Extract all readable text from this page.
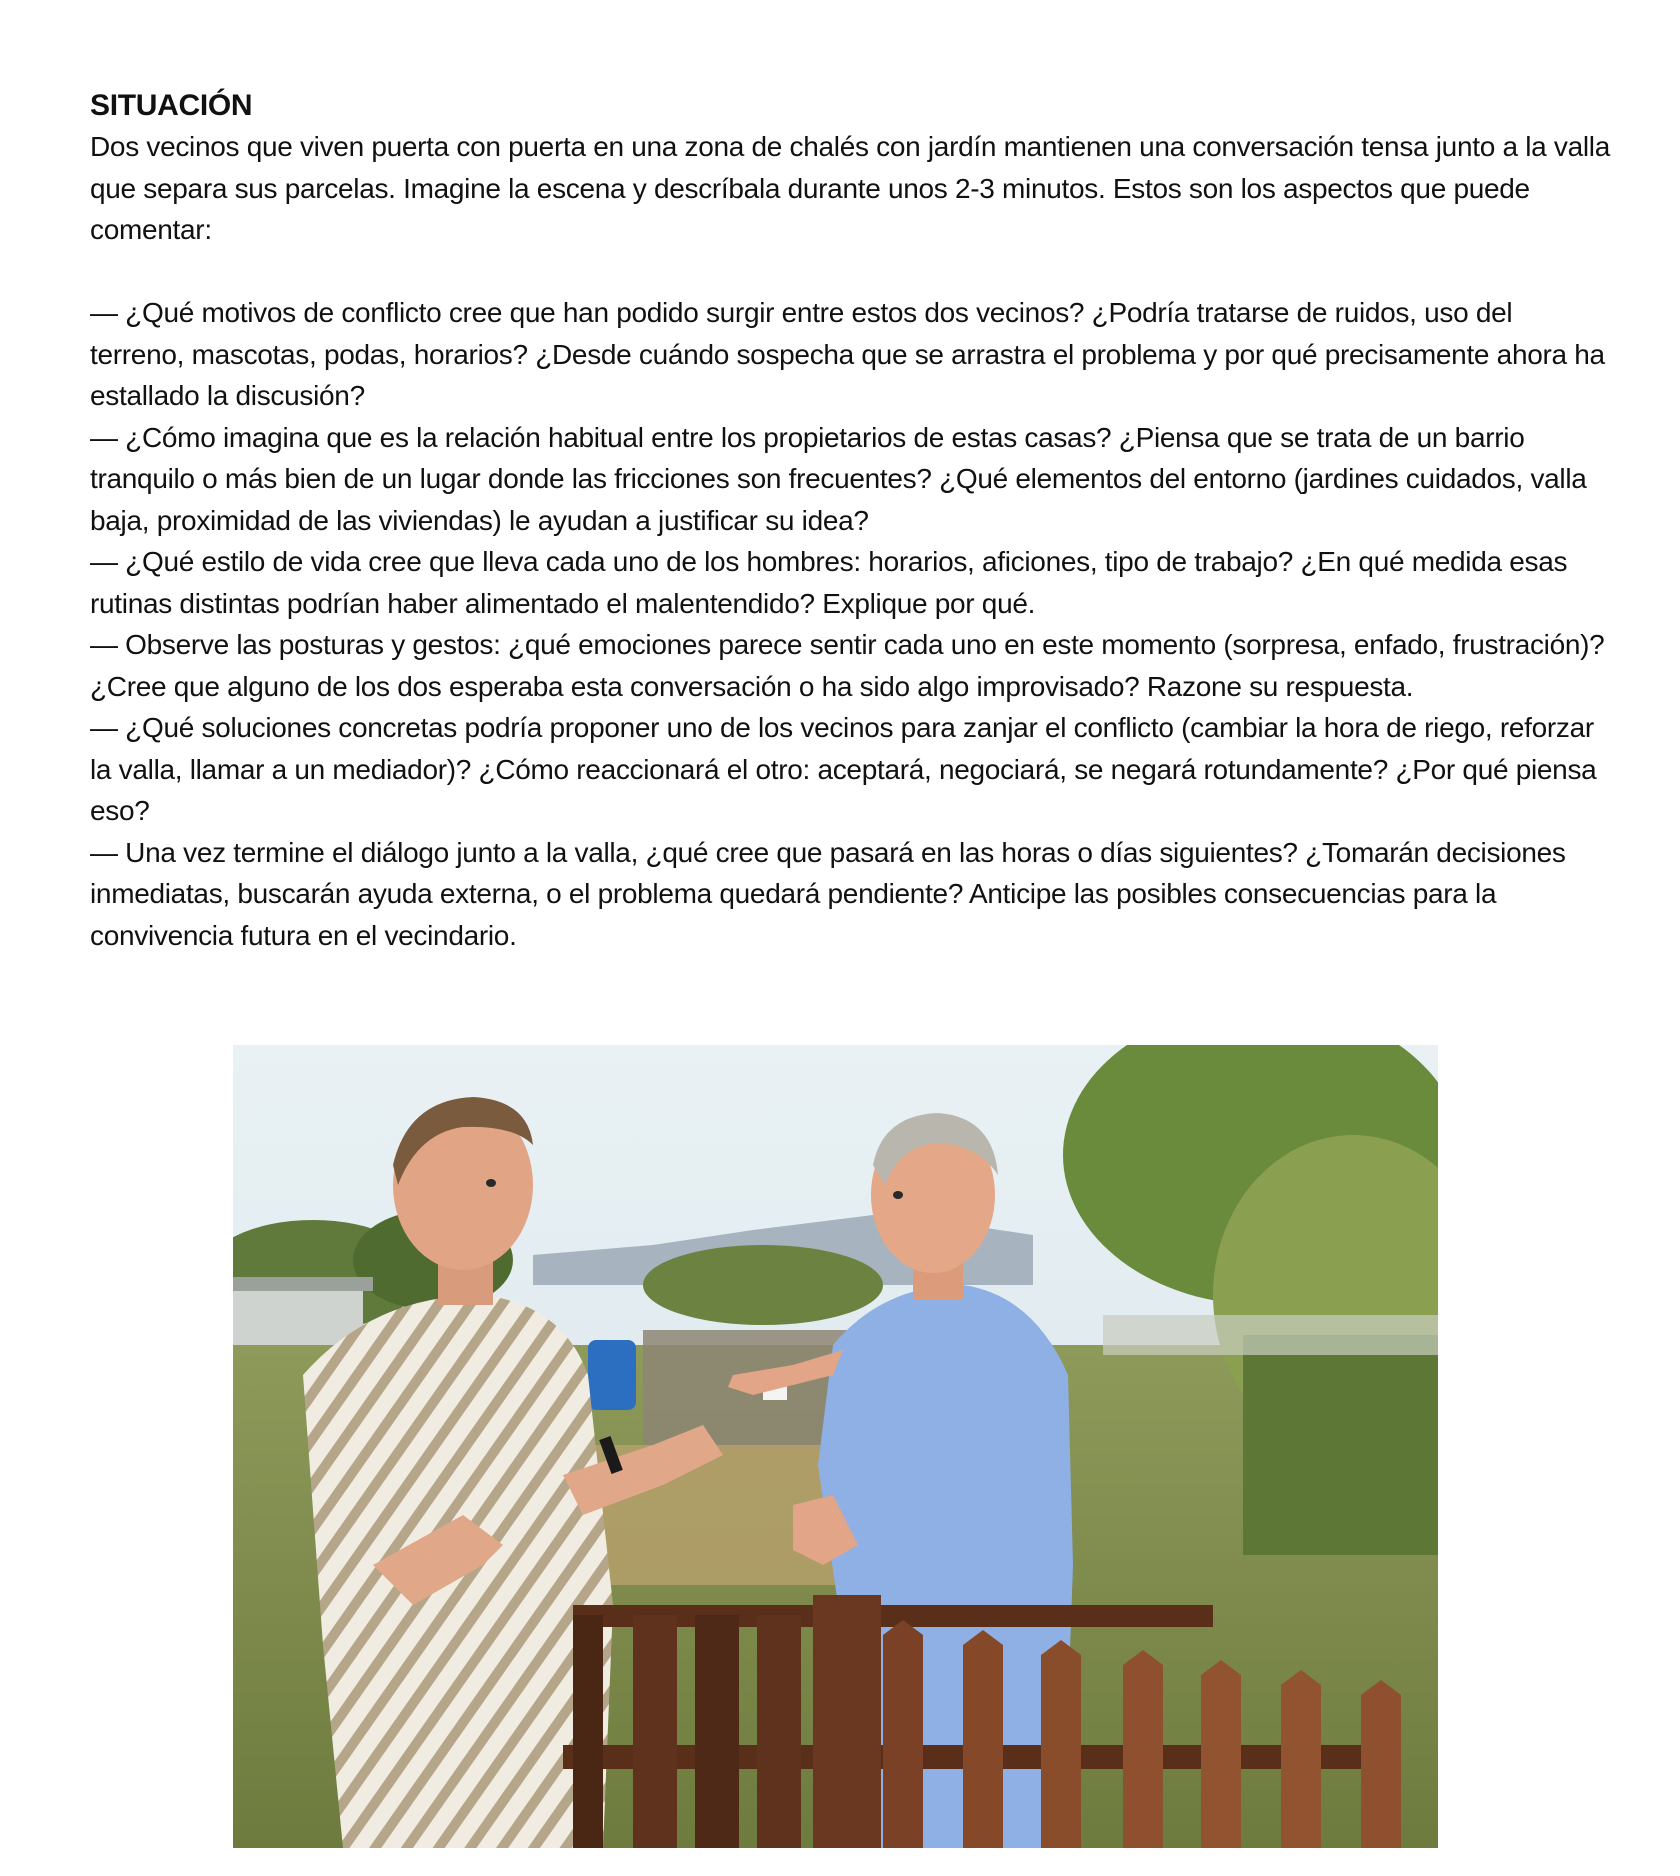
SITUACIÓN

Dos vecinos que viven puerta con puerta en una zona de chalés con jardín mantienen una conversación tensa junto a la valla que separa sus parcelas. Imagine la escena y descríbala durante unos 2-3 minutos. Estos son los aspectos que puede comentar:

— ¿Qué motivos de conflicto cree que han podido surgir entre estos dos vecinos? ¿Podría tratarse de ruidos, uso del terreno, mascotas, podas, horarios? ¿Desde cuándo sospecha que se arrastra el problema y por qué precisamente ahora ha estallado la discusión?
— ¿Cómo imagina que es la relación habitual entre los propietarios de estas casas? ¿Piensa que se trata de un barrio tranquilo o más bien de un lugar donde las fricciones son frecuentes? ¿Qué elementos del entorno (jardines cuidados, valla baja, proximidad de las viviendas) le ayudan a justificar su idea?
— ¿Qué estilo de vida cree que lleva cada uno de los hombres: horarios, aficiones, tipo de trabajo? ¿En qué medida esas rutinas distintas podrían haber alimentado el malentendido? Explique por qué.
— Observe las posturas y gestos: ¿qué emociones parece sentir cada uno en este momento (sorpresa, enfado, frustración)? ¿Cree que alguno de los dos esperaba esta conversación o ha sido algo improvisado? Razone su respuesta.
— ¿Qué soluciones concretas podría proponer uno de los vecinos para zanjar el conflicto (cambiar la hora de riego, reforzar la valla, llamar a un mediador)? ¿Cómo reaccionará el otro: aceptará, negociará, se negará rotundamente? ¿Por qué piensa eso?
— Una vez termine el diálogo junto a la valla, ¿qué cree que pasará en las horas o días siguientes? ¿Tomarán decisiones inmediatas, buscarán ayuda externa, o el problema quedará pendiente? Anticipe las posibles consecuencias para la convivencia futura en el vecindario.
